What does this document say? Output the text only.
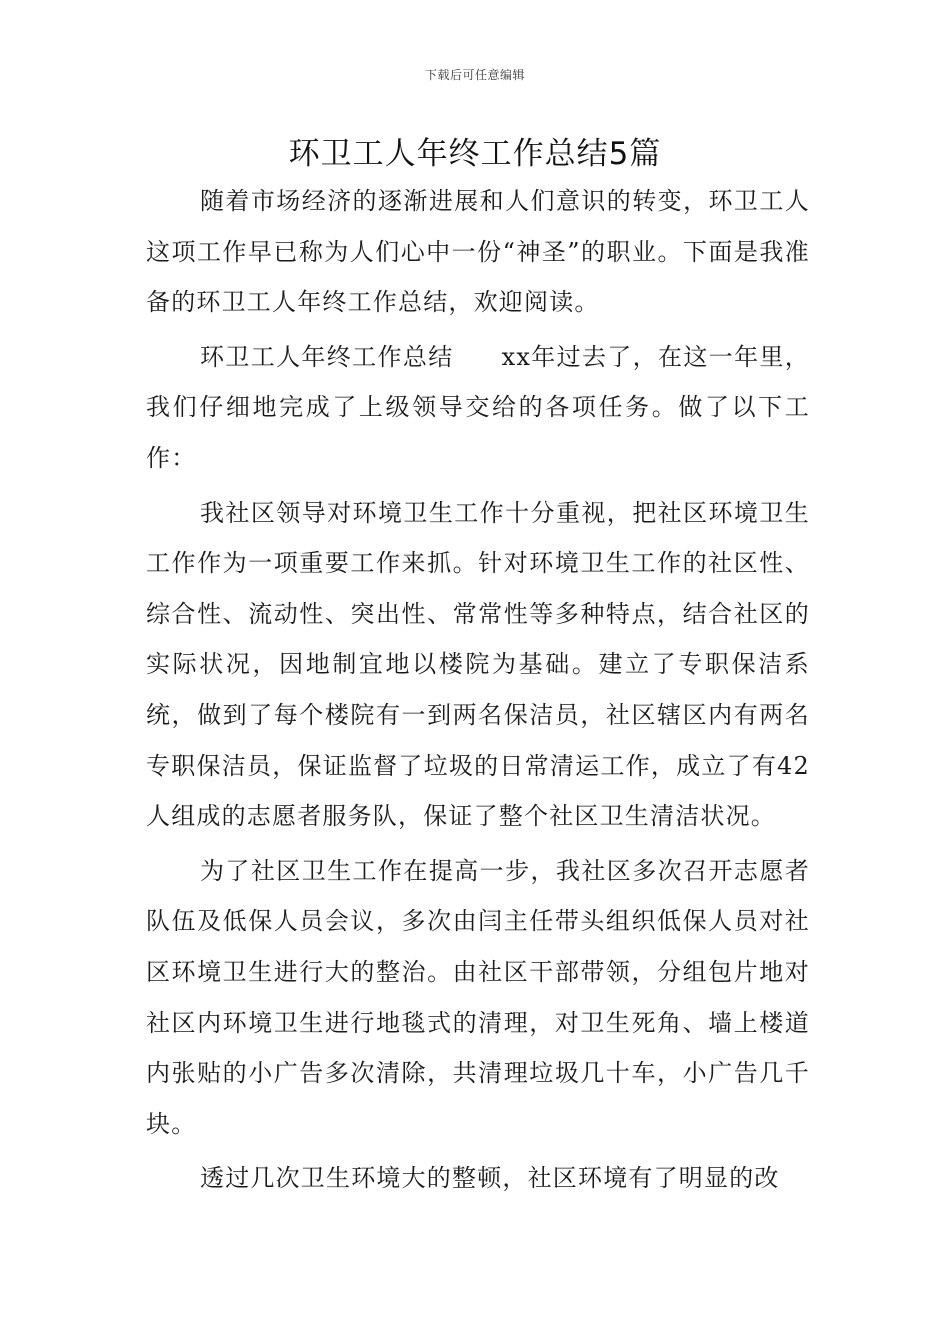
下载后可任意编辑
环卫工人年终工作总结5篇

随着市场经济的逐渐进展和人们意识的转变，环卫工人这项工作早已称为人们心中一份“神圣”的职业。下面是我准备的环卫工人年终工作总结，欢迎阅读。

环卫工人年终工作总结 xx年过去了，在这一年里，我们仔细地完成了上级领导交给的各项任务。做了以下工作：

我社区领导对环境卫生工作十分重视，把社区环境卫生工作作为一项重要工作来抓。针对环境卫生工作的社区性、综合性、流动性、突出性、常常性等多种特点，结合社区的实际状况，因地制宜地以楼院为基础。建立了专职保洁系统，做到了每个楼院有一到两名保洁员，社区辖区内有两名专职保洁员，保证监督了垃圾的日常清运工作，成立了有42人组成的志愿者服务队，保证了整个社区卫生清洁状况。

为了社区卫生工作在提高一步，我社区多次召开志愿者队伍及低保人员会议，多次由闫主任带头组织低保人员对社区环境卫生进行大的整治。由社区干部带领，分组包片地对社区内环境卫生进行地毯式的清理，对卫生死角、墙上楼道内张贴的小广告多次清除，共清理垃圾几十车，小广告几千块。

透过几次卫生环境大的整顿，社区环境有了明显的改
